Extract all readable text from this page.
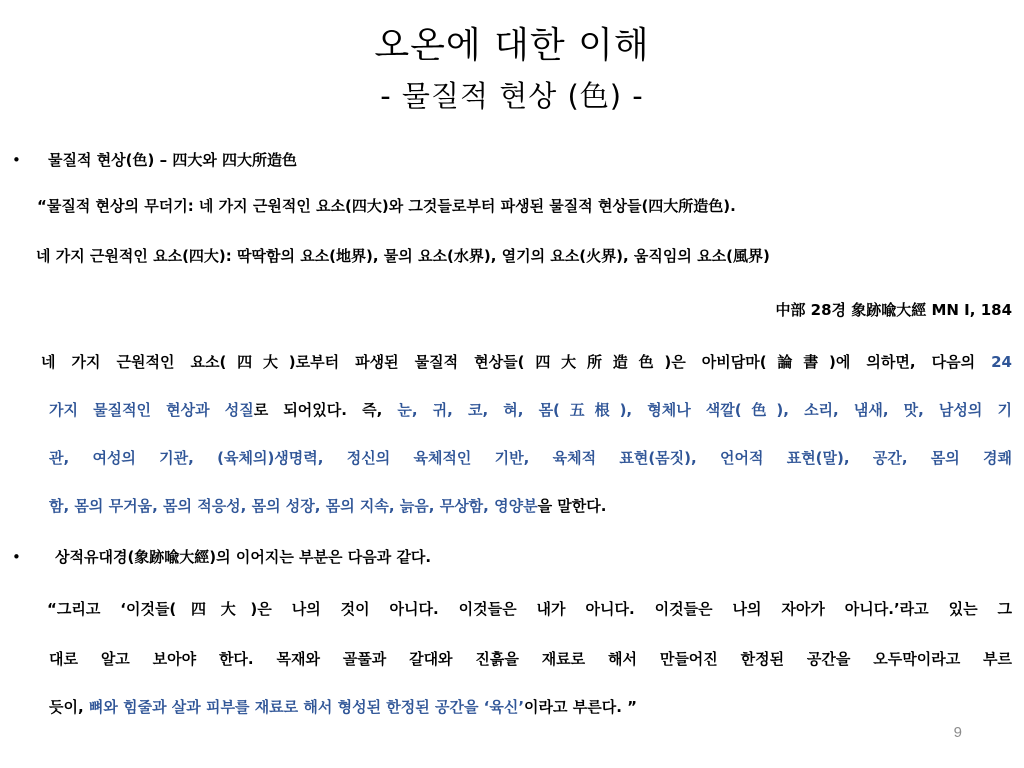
오온에 대한 이해
- 물질적 현상 (色) -
• 물질적 현상(色) – 四大와 四大所造色
“물질적 현상의 무더기: 네 가지 근원적인 요소(四大)와 그것들로부터 파생된 물질적 현상들(四大所造色).
네 가지 근원적인 요소(四大): 딱딱함의 요소(地界), 물의 요소(水界), 열기의 요소(火界), 움직임의 요소(風界)
中部 28경 象跡喩大經 MN I, 184
네 가지 근원적인 요소(四大)로부터 파생된 물질적 현상들(四大所造色)은 아비담마(論書)에 의하면, 다음의 24
가지 물질적인 현상과 성질로 되어있다. 즉, 눈, 귀, 코, 혀, 몸(五根), 형체나 색깔(色), 소리, 냄새, 맛, 남성의 기
관, 여성의 기관, (육체의)생명력, 정신의 육체적인 기반, 육체적 표현(몸짓), 언어적 표현(말), 공간, 몸의 경쾌
함, 몸의 무거움, 몸의 적응성, 몸의 성장, 몸의 지속, 늙음, 무상함, 영양분을 말한다.
• 상적유대경(象跡喩大經)의 이어지는 부분은 다음과 같다.
“그리고 ‘이것들(四大)은 나의 것이 아니다. 이것들은 내가 아니다. 이것들은 나의 자아가 아니다.’라고 있는 그
대로 알고 보아야 한다. 목재와 골풀과 갈대와 진흙을 재료로 해서 만들어진 한정된 공간을 오두막이라고 부르
듯이, 뼈와 힘줄과 살과 피부를 재료로 해서 형성된 한정된 공간을 ‘육신’이라고 부른다. ”
9
